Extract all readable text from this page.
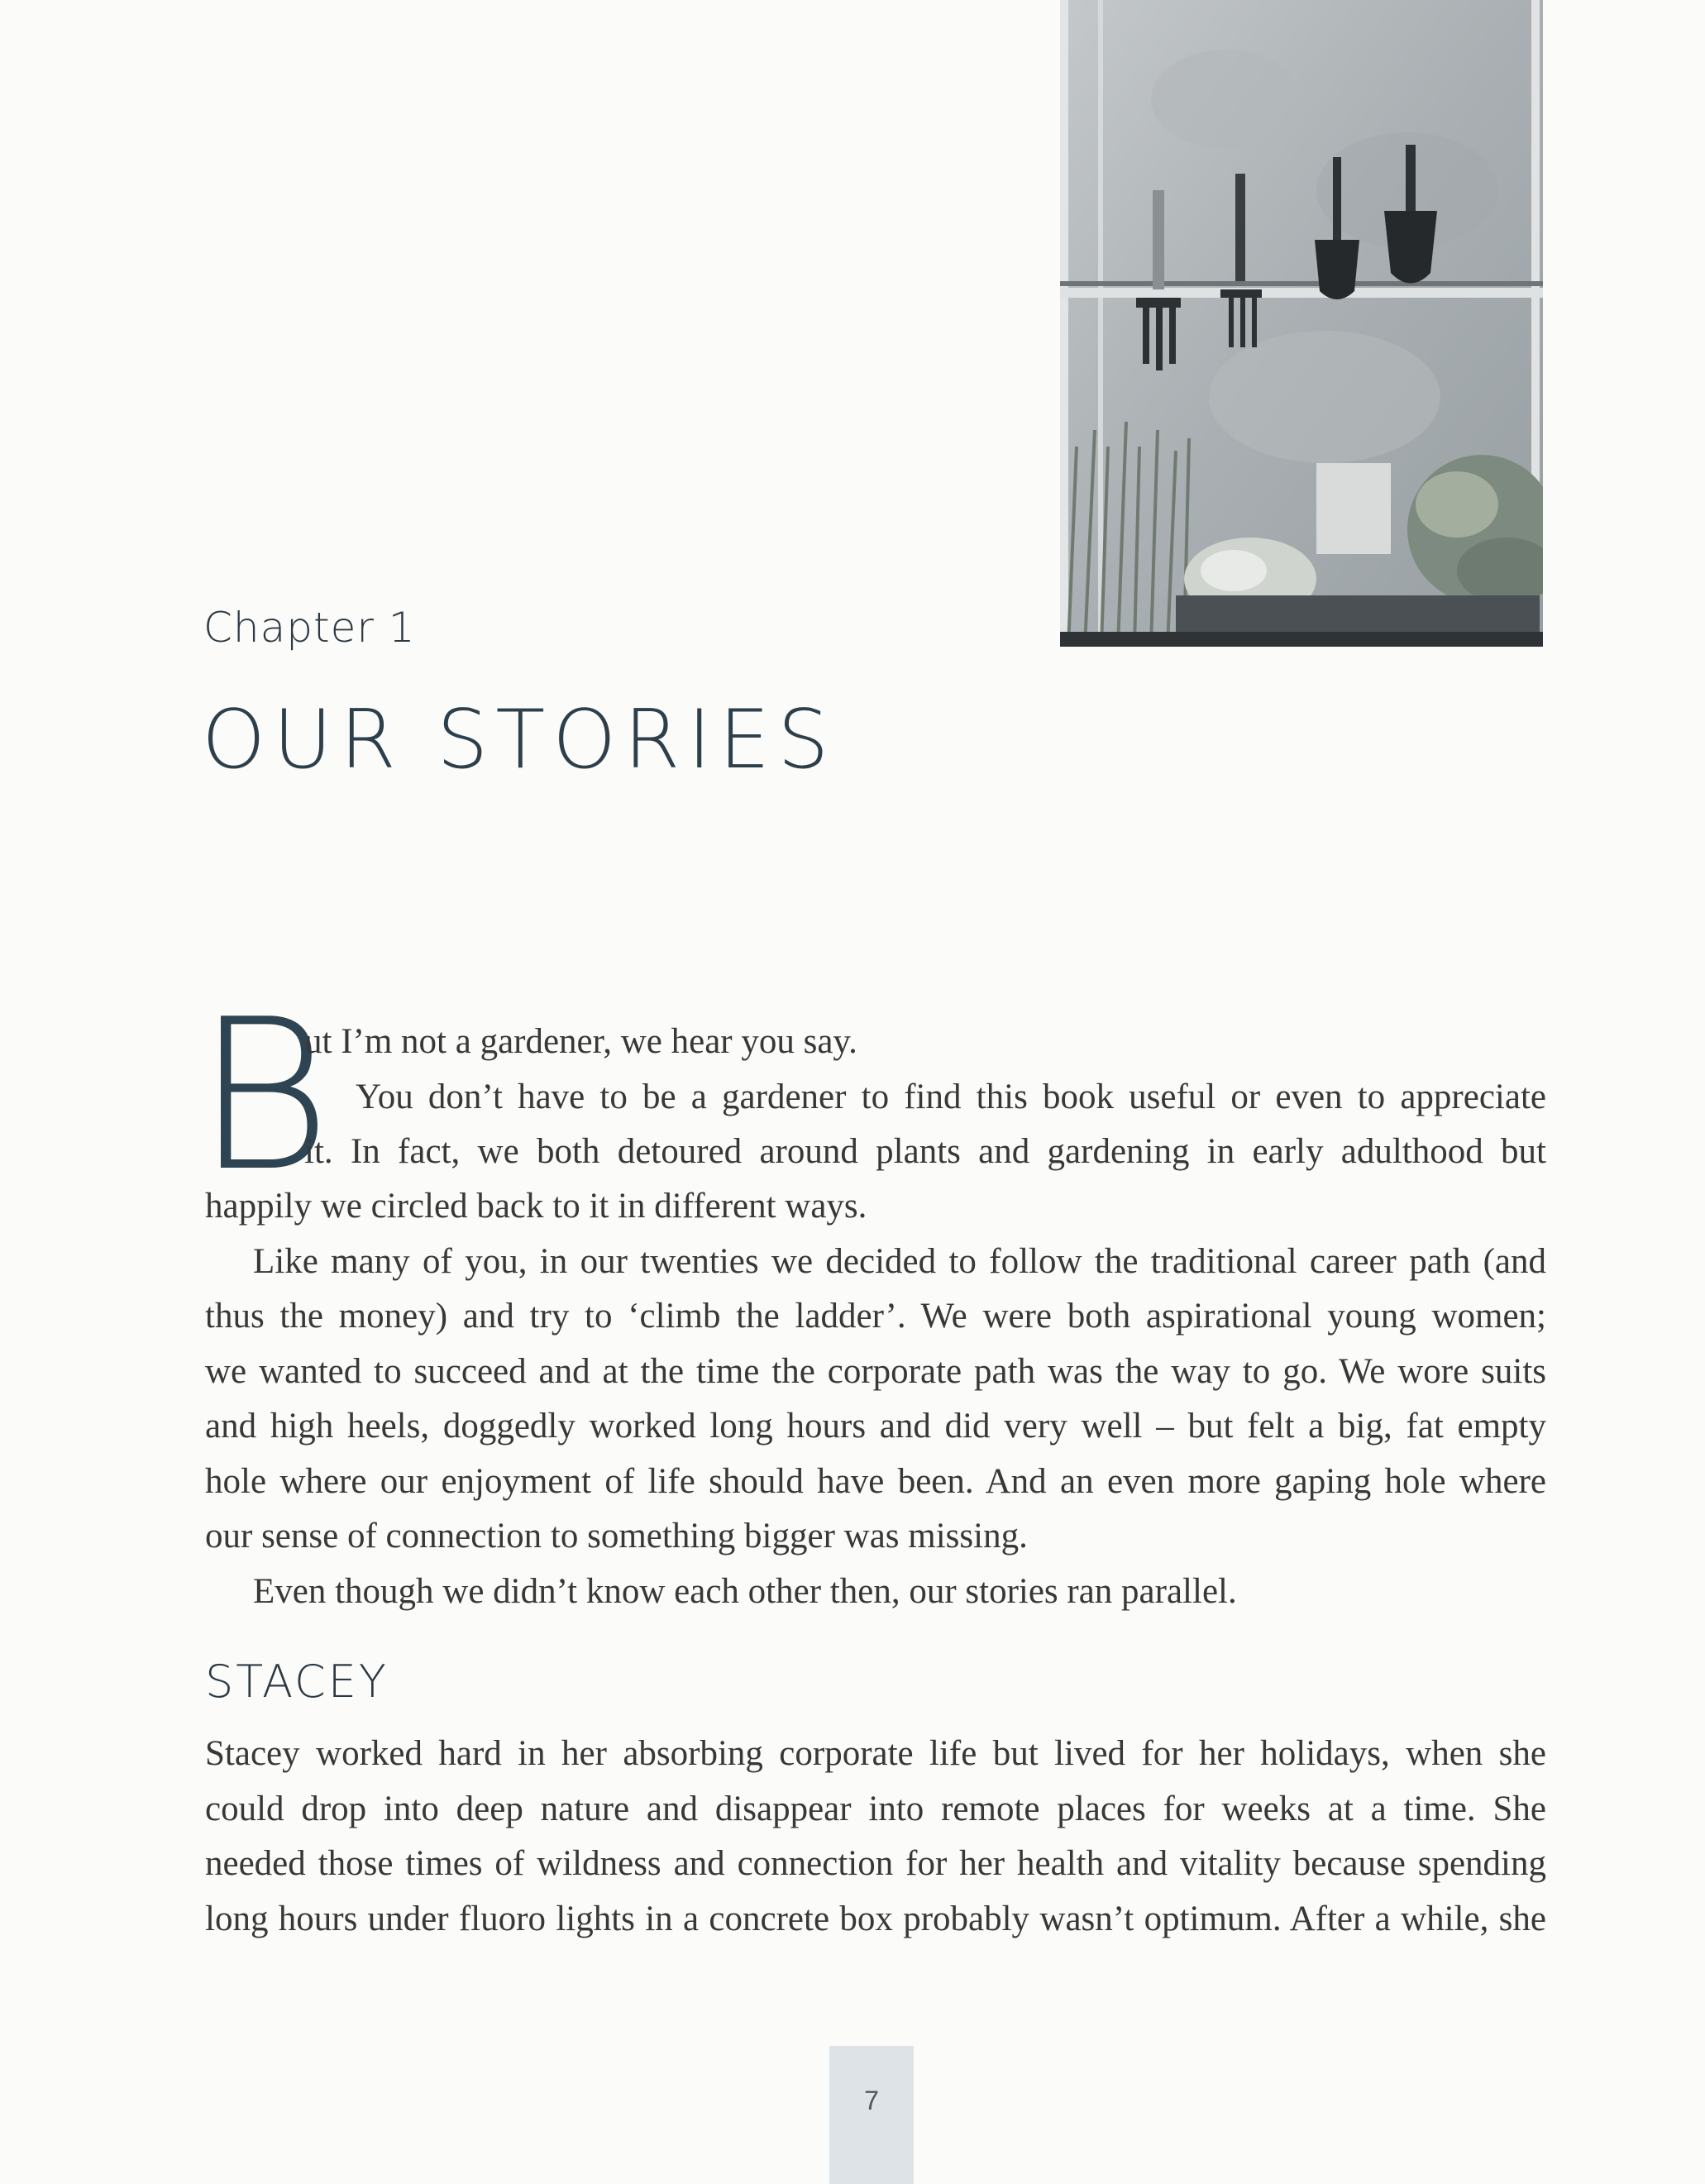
Chapter 1
OUR STORIES
B
ut I’m not a gardener, we hear you say.
You don’t have to be a gardener to find this book useful or even to appreciate
it. In fact, we both detoured around plants and gardening in early adulthood but
happily we circled back to it in different ways.
Like many of you, in our twenties we decided to follow the traditional career path (and
thus the money) and try to ‘climb the ladder’. We were both aspirational young women;
we wanted to succeed and at the time the corporate path was the way to go. We wore suits
and high heels, doggedly worked long hours and did very well – but felt a big, fat empty
hole where our enjoyment of life should have been. And an even more gaping hole where
our sense of connection to something bigger was missing.
Even though we didn’t know each other then, our stories ran parallel.
STACEY
Stacey worked hard in her absorbing corporate life but lived for her holidays, when she
could drop into deep nature and disappear into remote places for weeks at a time. She
needed those times of wildness and connection for her health and vitality because spending
long hours under fluoro lights in a concrete box probably wasn’t optimum. After a while, she
7
